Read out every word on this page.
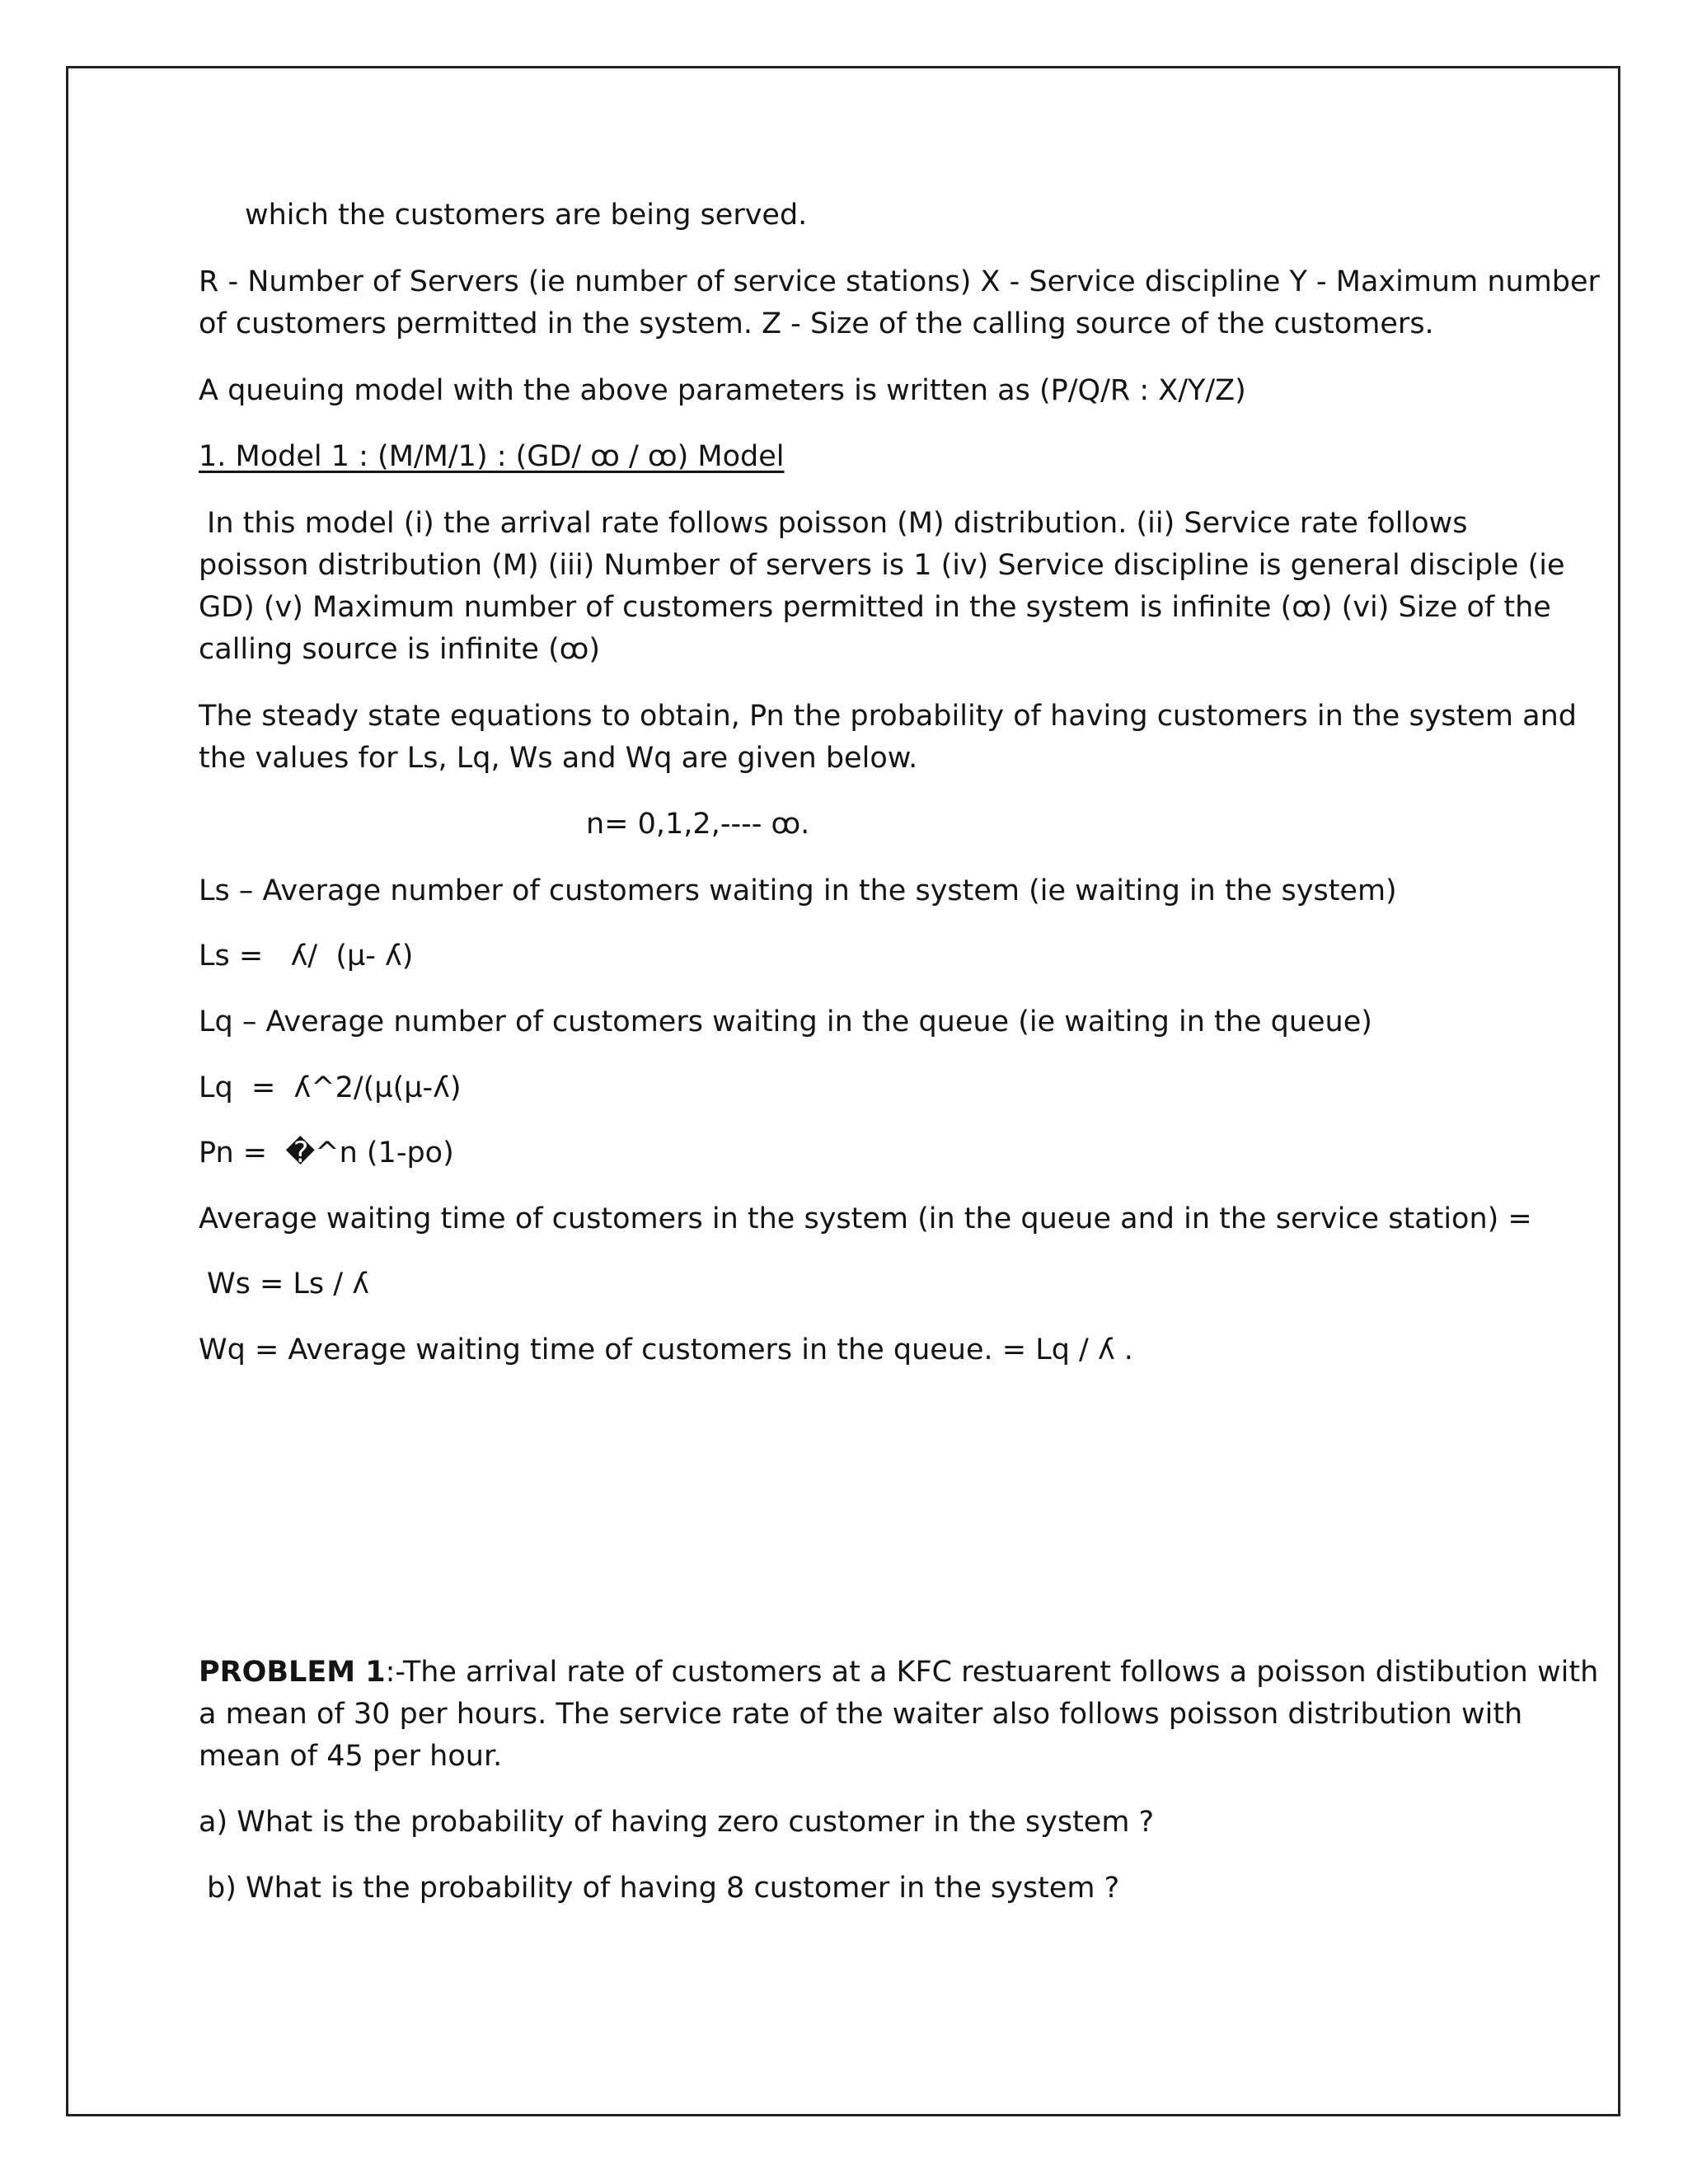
which the customers are being served.
R - Number of Servers (ie number of service stations) X - Service discipline Y - Maximum number
of customers permitted in the system. Z - Size of the calling source of the customers.
A queuing model with the above parameters is written as (P/Q/R : X/Y/Z)
1. Model 1 : (M/M/1) : (GD/ ꝏ / ꝏ) Model
In this model (i) the arrival rate follows poisson (M) distribution. (ii) Service rate follows
poisson distribution (M) (iii) Number of servers is 1 (iv) Service discipline is general disciple (ie
GD) (v) Maximum number of customers permitted in the system is infinite (ꝏ) (vi) Size of the
calling source is infinite (ꝏ)
The steady state equations to obtain, Pn the probability of having customers in the system and
the values for Ls, Lq, Ws and Wq are given below.
n= 0,1,2,---- ꝏ.
Ls – Average number of customers waiting in the system (ie waiting in the system)
Ls =   ʎ/  (µ- ʎ)
Lq – Average number of customers waiting in the queue (ie waiting in the queue)
Lq  =  ʎ^2/(µ(µ-ʎ)
Pn =  �^n (1-po)
Average waiting time of customers in the system (in the queue and in the service station) =
Ws = Ls / ʎ
Wq = Average waiting time of customers in the queue. = Lq / ʎ .
PROBLEM 1:-The arrival rate of customers at a KFC restuarent follows a poisson distibution with
a mean of 30 per hours. The service rate of the waiter also follows poisson distribution with
mean of 45 per hour.
a) What is the probability of having zero customer in the system ?
b) What is the probability of having 8 customer in the system ?
